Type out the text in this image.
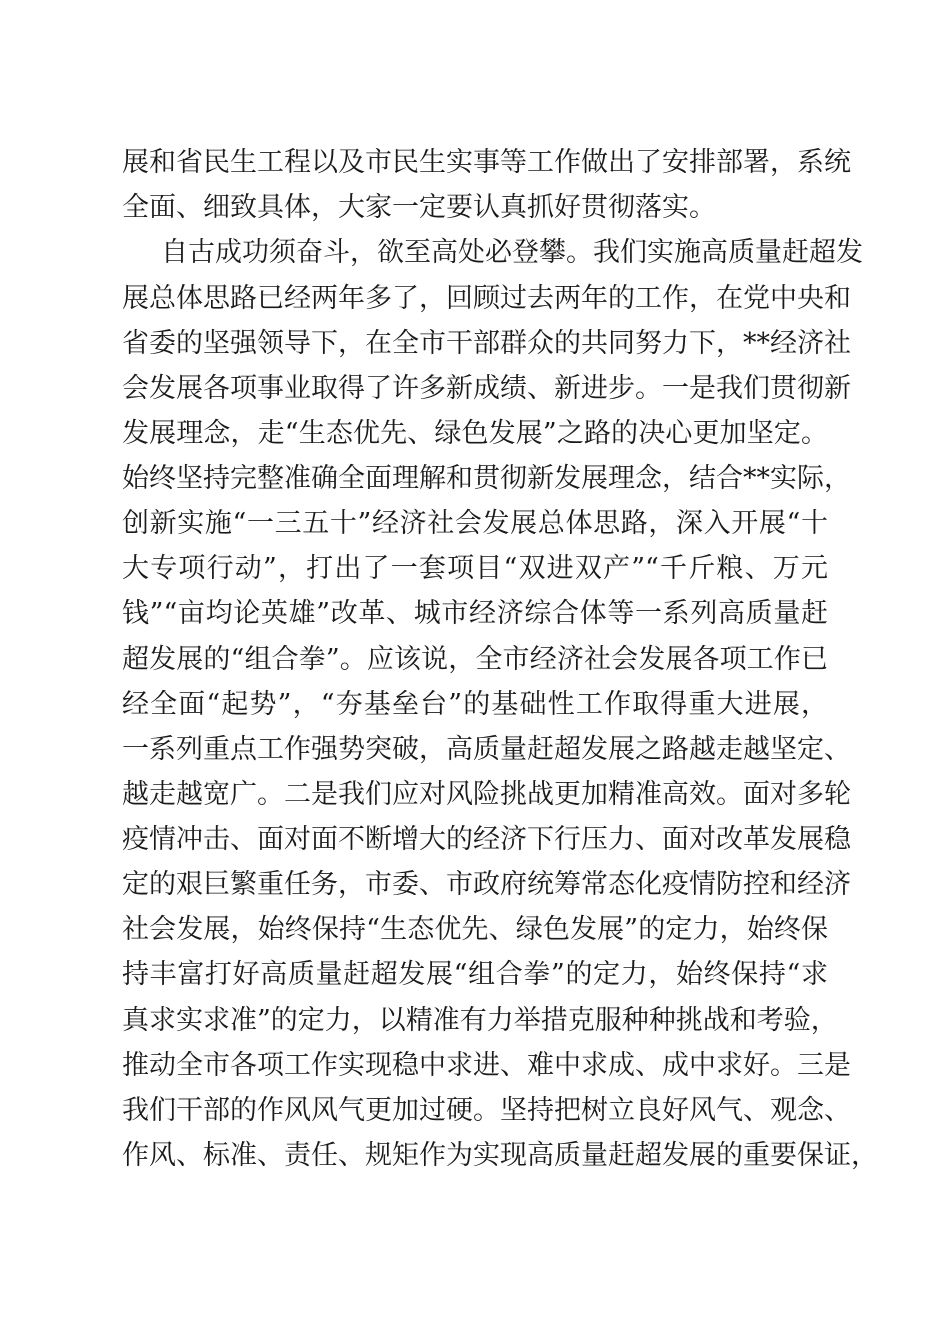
展和省民生工程以及市民生实事等工作做出了安排部署，系统
全面、细致具体，大家一定要认真抓好贯彻落实。
自古成功须奋斗，欲至高处必登攀。我们实施高质量赶超发
展总体思路已经两年多了，回顾过去两年的工作，在党中央和
省委的坚强领导下，在全市干部群众的共同努力下，**经济社
会发展各项事业取得了许多新成绩、新进步。一是我们贯彻新
发展理念，走“生态优先、绿色发展”之路的决心更加坚定。
始终坚持完整准确全面理解和贯彻新发展理念，结合**实际，
创新实施“一三五十”经济社会发展总体思路，深入开展“十
大专项行动”，打出了一套项目“双进双产”“千斤粮、万元
钱”“亩均论英雄”改革、城市经济综合体等一系列高质量赶
超发展的“组合拳”。应该说，全市经济社会发展各项工作已
经全面“起势”，“夯基垒台”的基础性工作取得重大进展，
一系列重点工作强势突破，高质量赶超发展之路越走越坚定、
越走越宽广。二是我们应对风险挑战更加精准高效。面对多轮
疫情冲击、面对面不断增大的经济下行压力、面对改革发展稳
定的艰巨繁重任务，市委、市政府统筹常态化疫情防控和经济
社会发展，始终保持“生态优先、绿色发展”的定力，始终保
持丰富打好高质量赶超发展“组合拳”的定力，始终保持“求
真求实求准”的定力，以精准有力举措克服种种挑战和考验，
推动全市各项工作实现稳中求进、难中求成、成中求好。三是
我们干部的作风风气更加过硬。坚持把树立良好风气、观念、
作风、标准、责任、规矩作为实现高质量赶超发展的重要保证，
